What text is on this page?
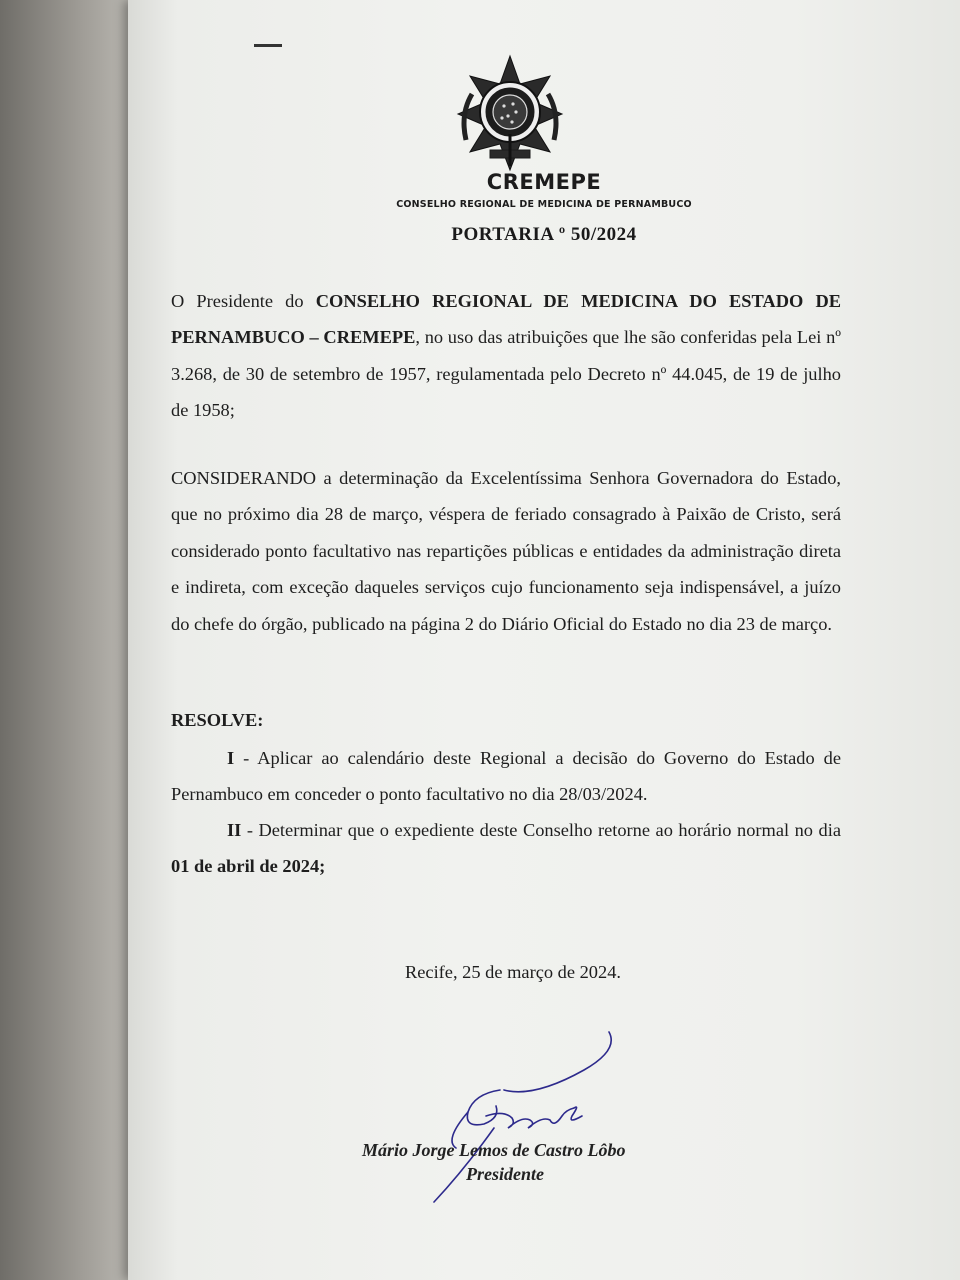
CREMEPE
CONSELHO REGIONAL DE MEDICINA DE PERNAMBUCO
PORTARIA º 50/2024
O Presidente do CONSELHO REGIONAL DE MEDICINA DO ESTADO DE PERNAMBUCO – CREMEPE, no uso das atribuições que lhe são conferidas pela Lei nº 3.268, de 30 de setembro de 1957, regulamentada pelo Decreto nº 44.045, de 19 de julho de 1958;
CONSIDERANDO a determinação da Excelentíssima Senhora Governadora do Estado, que no próximo dia 28 de março, véspera de feriado consagrado à Paixão de Cristo, será considerado ponto facultativo nas repartições públicas e entidades da administração direta e indireta, com exceção daqueles serviços cujo funcionamento seja indispensável, a juízo do chefe do órgão, publicado na página 2 do Diário Oficial do Estado no dia 23 de março.
RESOLVE:
I - Aplicar ao calendário deste Regional a decisão do Governo do Estado de Pernambuco em conceder o ponto facultativo no dia 28/03/2024.
II - Determinar que o expediente deste Conselho retorne ao horário normal no dia 01 de abril de 2024;
Recife, 25 de março de 2024.
Mário Jorge Lemos de Castro Lôbo
Presidente
